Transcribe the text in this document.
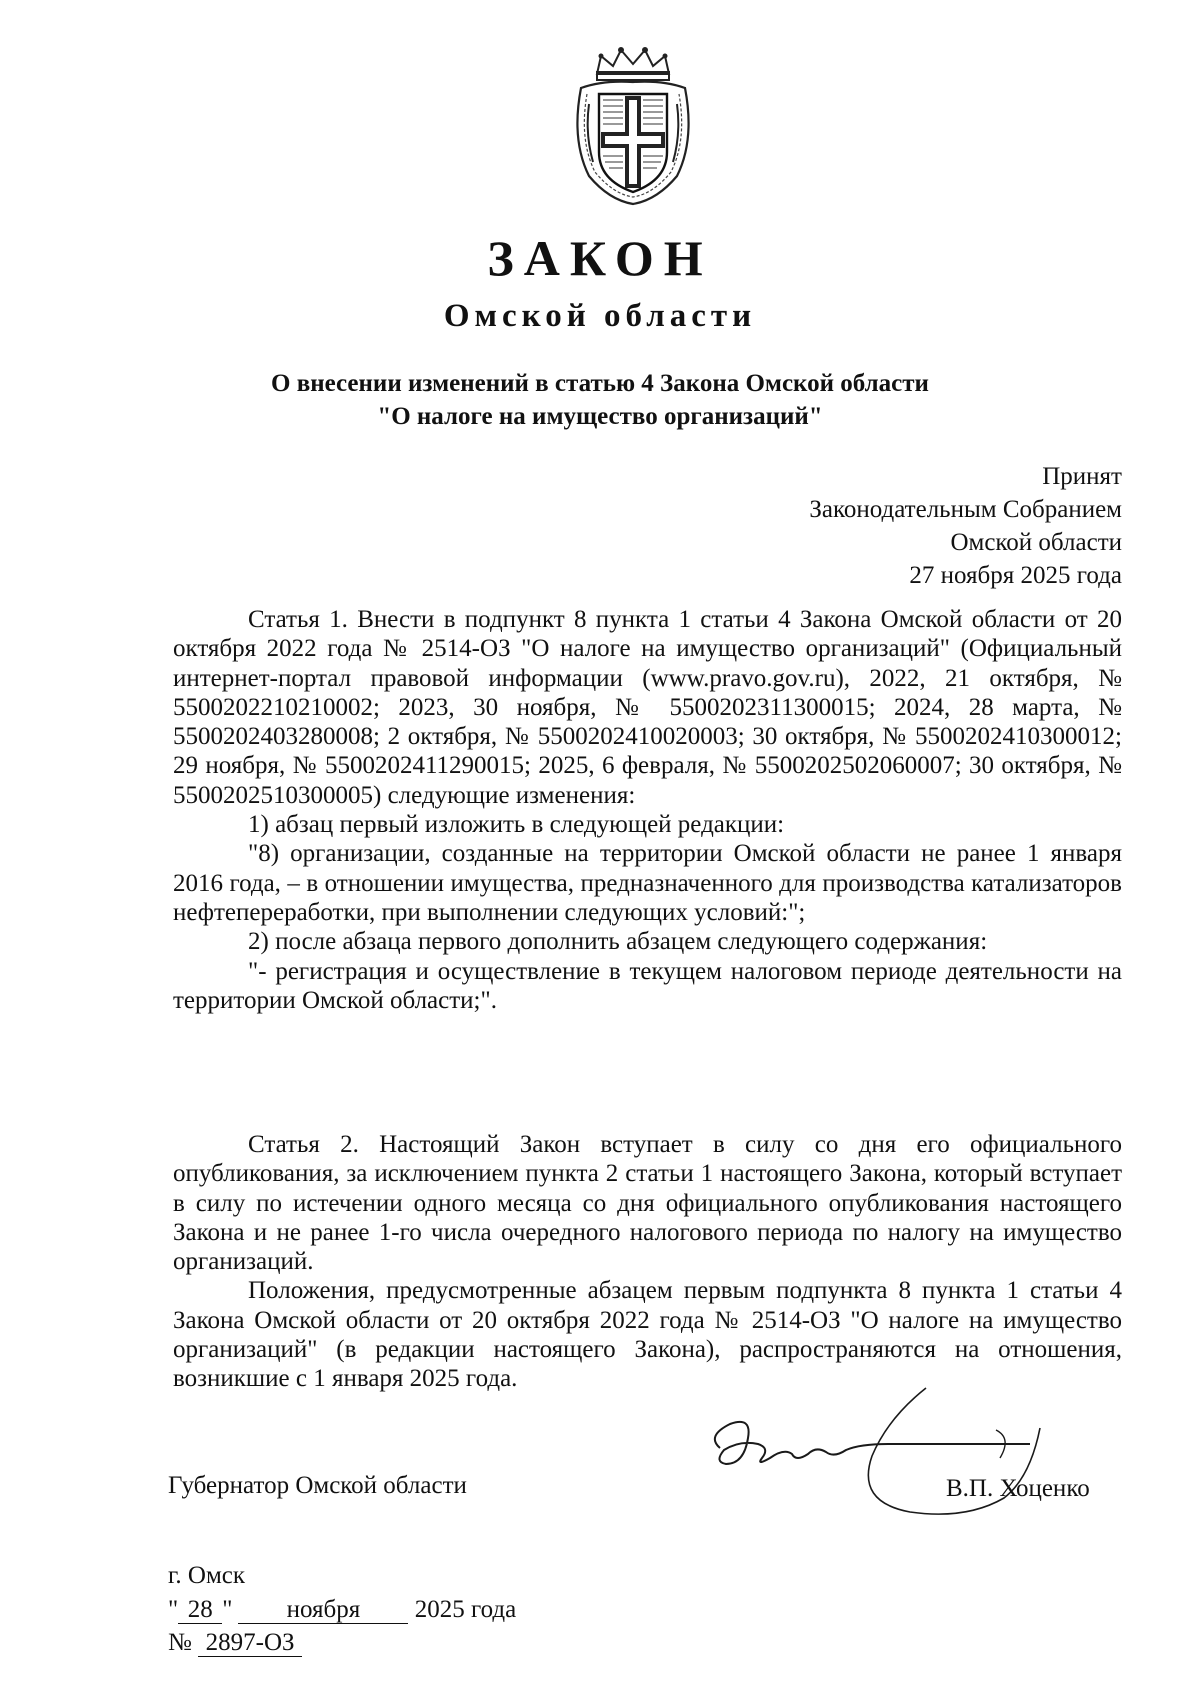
ЗАКОН
Омской области
О внесении изменений в статью 4 Закона Омской области
"О налоге на имущество организаций"
Принят
Законодательным Собранием
Омской области
27 ноября 2025 года

Статья 1. Внести в подпункт 8 пункта 1 статьи 4 Закона Омской области от 20 октября 2022 года № 2514-ОЗ "О налоге на имущество организаций" (Официальный интернет-портал правовой информации (www.pravo.gov.ru), 2022, 21 октября, № 5500202210210002; 2023, 30 ноября, № 5500202311300015; 2024, 28 марта, № 5500202403280008; 2 октября, № 5500202410020003; 30 октября, № 5500202410300012; 29 ноября, № 5500202411290015; 2025, 6 февраля, № 5500202502060007; 30 октября, № 5500202510300005) следующие изменения:

1) абзац первый изложить в следующей редакции:

"8) организации, созданные на территории Омской области не ранее 1 января 2016 года, – в отношении имущества, предназначенного для производства катализаторов нефтепереработки, при выполнении следующих условий:";

2) после абзаца первого дополнить абзацем следующего содержания:

"- регистрация и осуществление в текущем налоговом периоде деятельности на территории Омской области;".

Статья 2. Настоящий Закон вступает в силу со дня его официального опубликования, за исключением пункта 2 статьи 1 настоящего Закона, который вступает в силу по истечении одного месяца со дня официального опубликования настоящего Закона и не ранее 1-го числа очередного налогового периода по налогу на имущество организаций.

Положения, предусмотренные абзацем первым подпункта 8 пункта 1 статьи 4 Закона Омской области от 20 октября 2022 года № 2514-ОЗ "О налоге на имущество организаций" (в редакции настоящего Закона), распространяются на отношения, возникшие с 1 января 2025 года.

Губернатор Омской области	В.П. Хоценко
г. Омск
" 28 " ноября 2025 года
№ 2897-ОЗ
